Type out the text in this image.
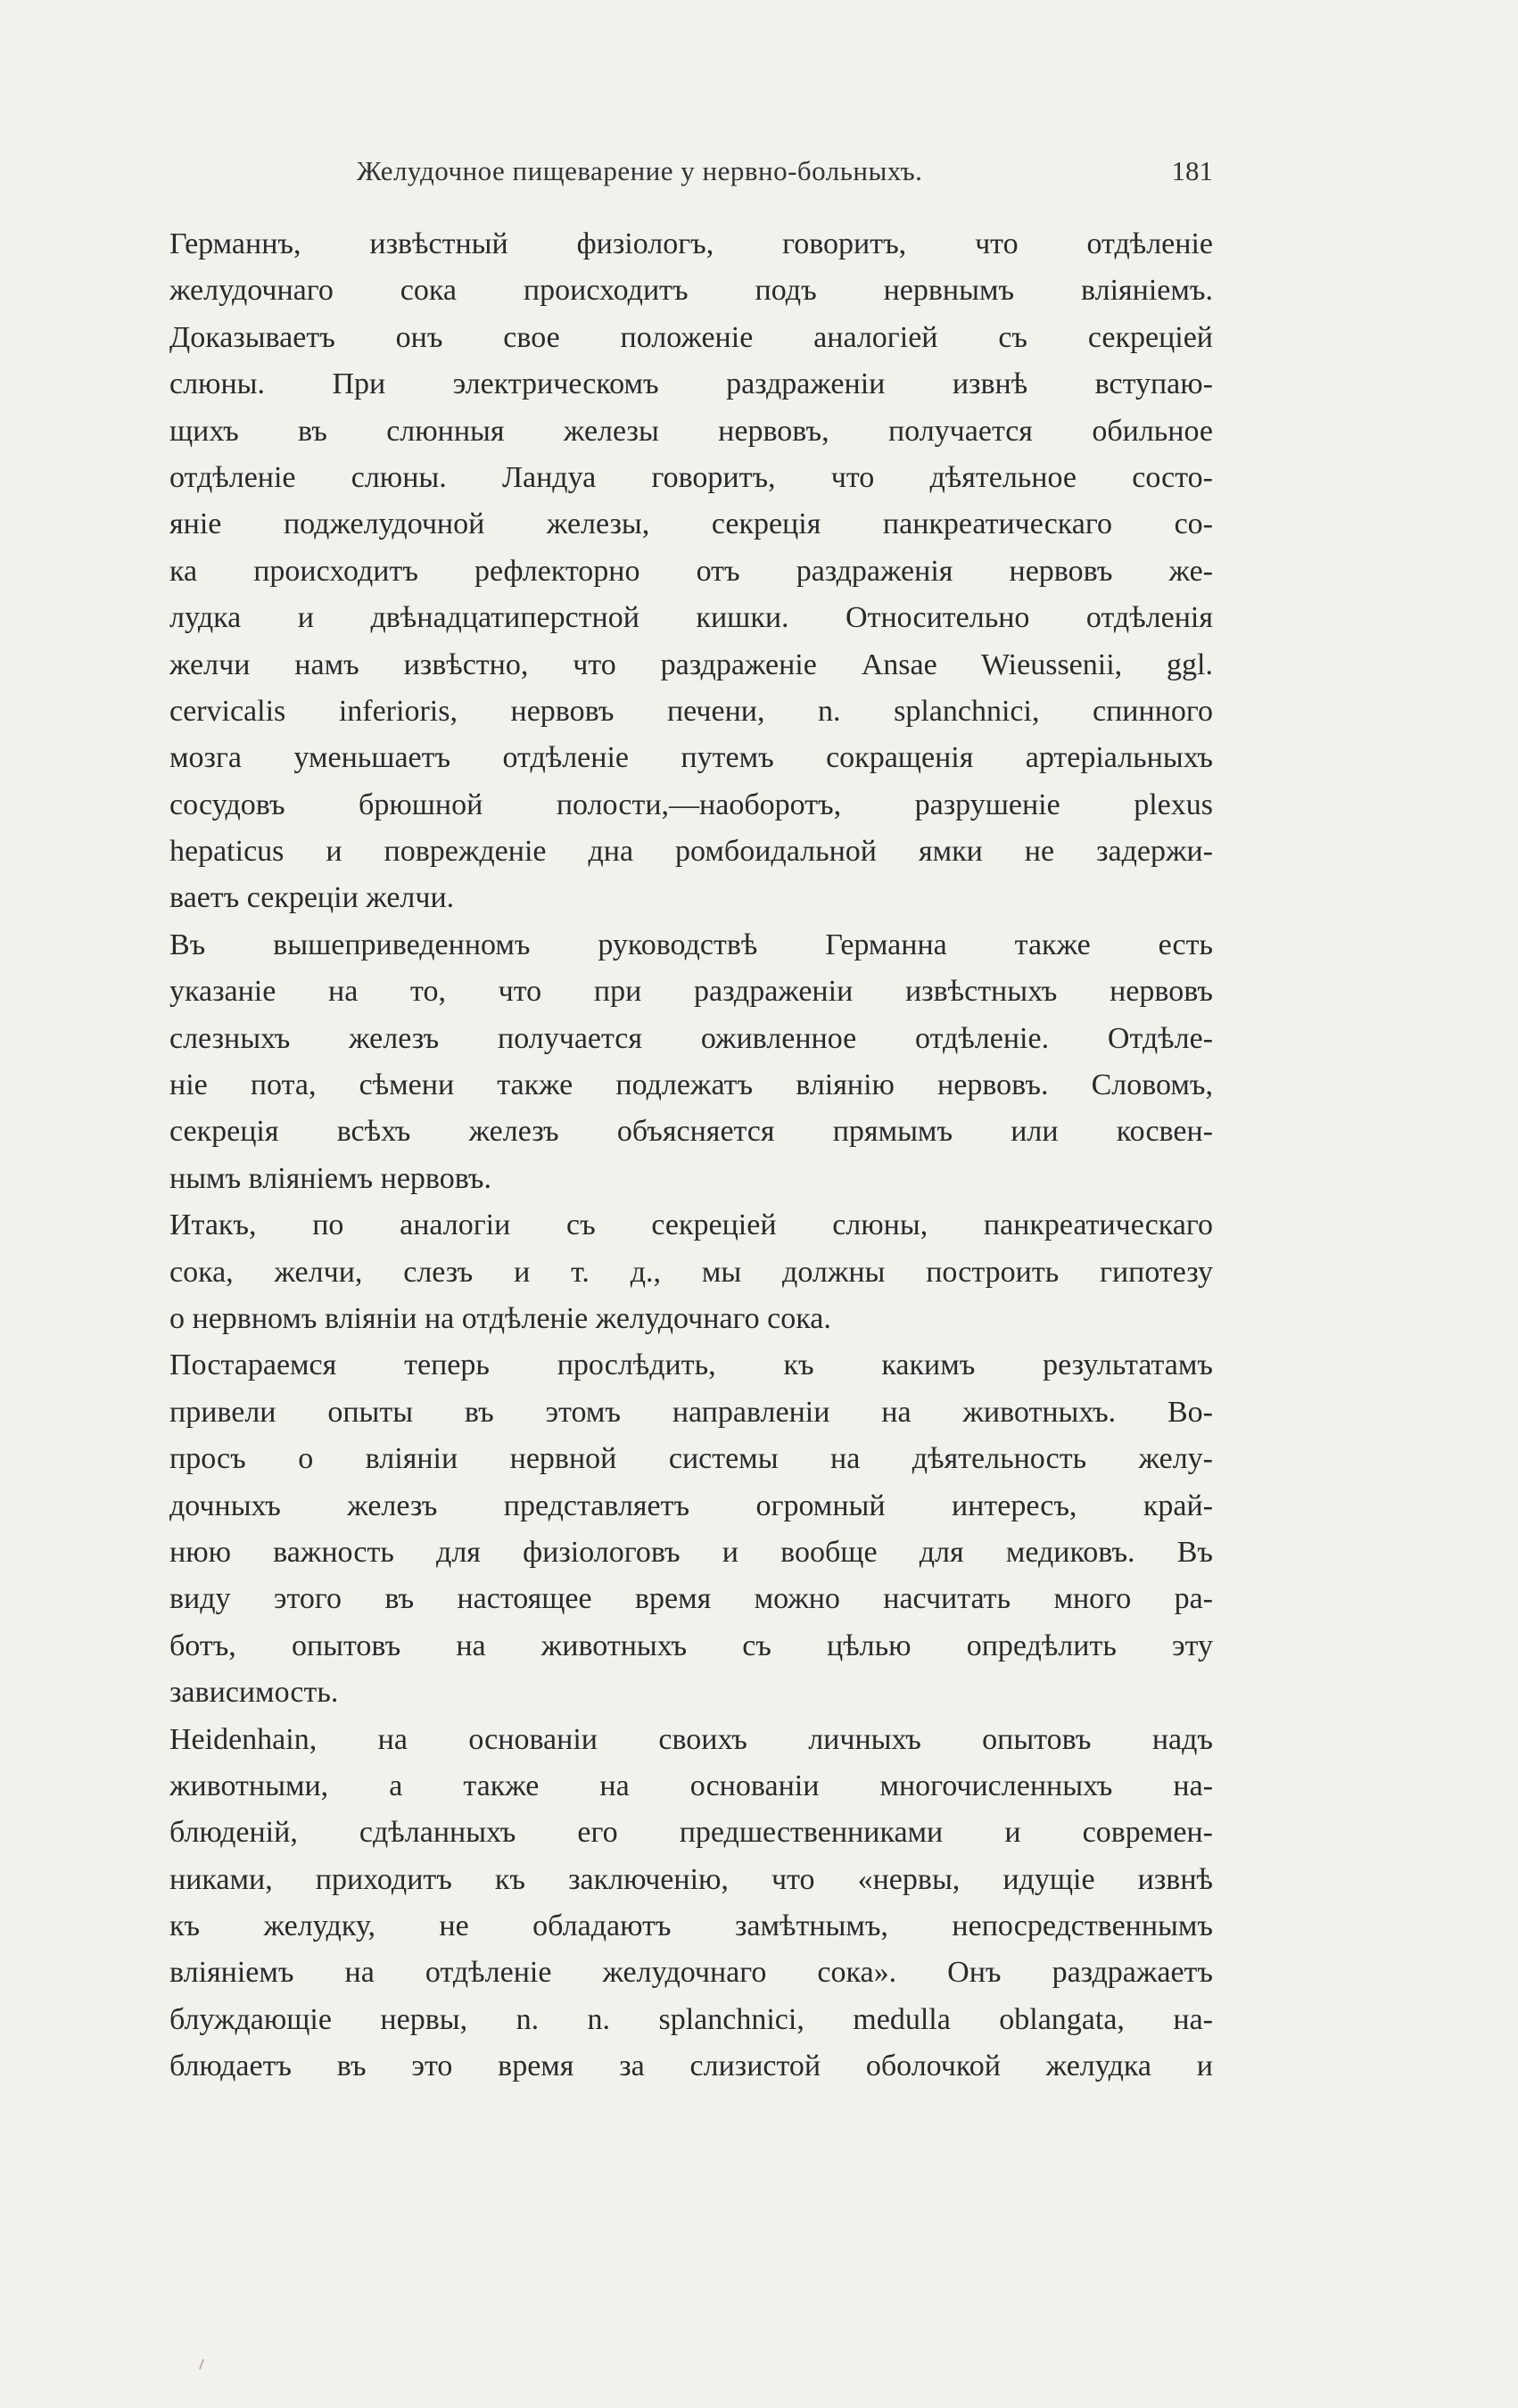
Желудочное пищеварение у нервно-больныхъ.	181
Германнъ, извѣстный физіологъ, говоритъ, что отдѣленіе
желудочнаго сока происходитъ подъ нервнымъ вліяніемъ.
Доказываетъ онъ свое положеніе аналогіей съ секреціей
слюны. При электрическомъ раздраженіи извнѣ вступаю-
щихъ въ слюнныя железы нервовъ, получается обильное
отдѣленіе слюны. Ландуа говоритъ, что дѣятельное состо-
яніе поджелудочной железы, секреція панкреатическаго со-
ка происходитъ рефлекторно отъ раздраженія нервовъ же-
лудка и двѣнадцатиперстной кишки. Относительно отдѣленія
желчи намъ извѣстно, что раздраженіе Ansae Wieussenii, ggl.
cervicalis inferioris, нервовъ печени, n. splanchnici, спинного
мозга уменьшаетъ отдѣленіе путемъ сокращенія артеріальныхъ
сосудовъ брюшной полости,—наоборотъ, разрушеніе plexus
hepaticus и поврежденіе дна ромбоидальной ямки не задержи-
ваетъ секреціи желчи.
Въ вышеприведенномъ руководствѣ Германна также есть
указаніе на то, что при раздраженіи извѣстныхъ нервовъ
слезныхъ железъ получается оживленное отдѣленіе. Отдѣле-
ніе пота, сѣмени также подлежатъ вліянію нервовъ. Словомъ,
секреція всѣхъ железъ объясняется прямымъ или косвен-
нымъ вліяніемъ нервовъ.
Итакъ, по аналогіи съ секреціей слюны, панкреатическаго
сока, желчи, слезъ и т. д., мы должны построить гипотезу
о нервномъ вліяніи на отдѣленіе желудочнаго сока.
Постараемся теперь прослѣдить, къ какимъ результатамъ
привели опыты въ этомъ направленіи на животныхъ. Во-
просъ о вліяніи нервной системы на дѣятельность желу-
дочныхъ железъ представляетъ огромный интересъ, край-
нюю важность для физіологовъ и вообще для медиковъ. Въ
виду этого въ настоящее время можно насчитать много ра-
ботъ, опытовъ на животныхъ съ цѣлью опредѣлить эту
зависимость.
Heidenhain, на основаніи своихъ личныхъ опытовъ надъ
животными, а также на основаніи многочисленныхъ на-
блюденій, сдѣланныхъ его предшественниками и современ-
никами, приходитъ къ заключенію, что «нервы, идущіе извнѣ
къ желудку, не обладаютъ замѣтнымъ, непосредственнымъ
вліяніемъ на отдѣленіе желудочнаго сока». Онъ раздражаетъ
блуждающіе нервы, n. n. splanchnici, medulla oblangata, на-
блюдаетъ въ это время за слизистой оболочкой желудка и
